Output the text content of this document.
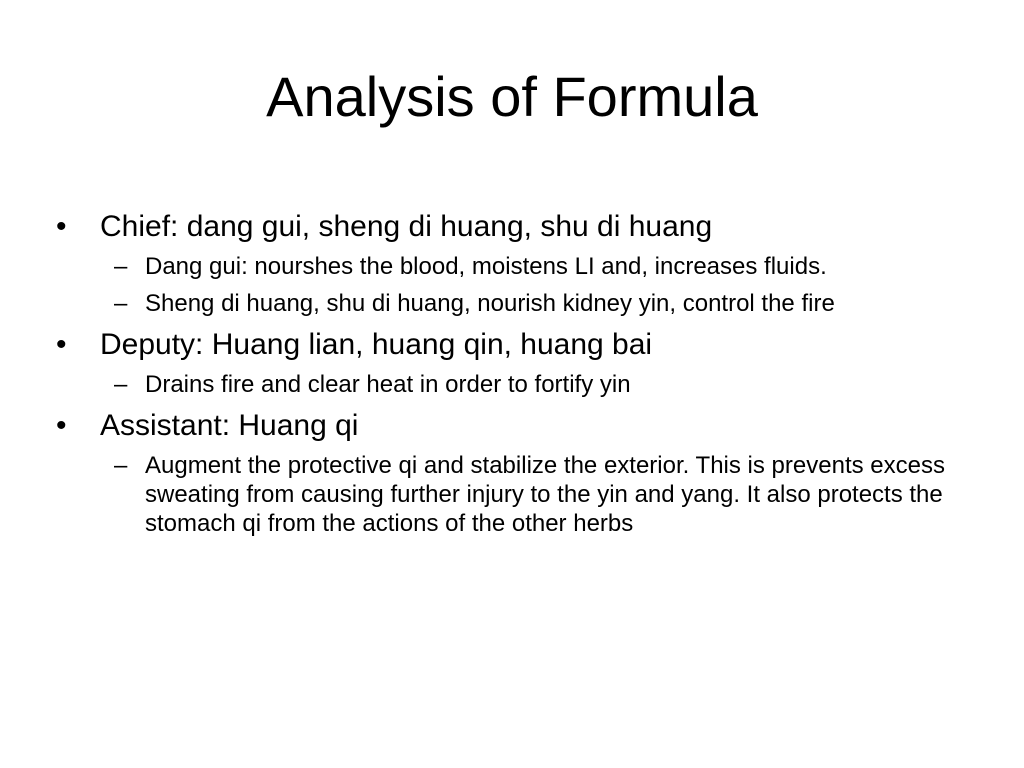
Analysis of Formula
•	Chief: dang gui, sheng di huang, shu di huang
– Dang gui: nourshes the blood, moistens LI and, increases fluids.
– Sheng di huang, shu di huang, nourish kidney yin, control the fire
•	Deputy: Huang lian, huang qin, huang bai
– Drains fire and clear heat in order to fortify yin
•	Assistant: Huang qi
– Augment the protective qi and stabilize the exterior. This is prevents excess sweating from causing further injury to the yin and yang. It also protects the stomach qi from the actions of the other herbs
